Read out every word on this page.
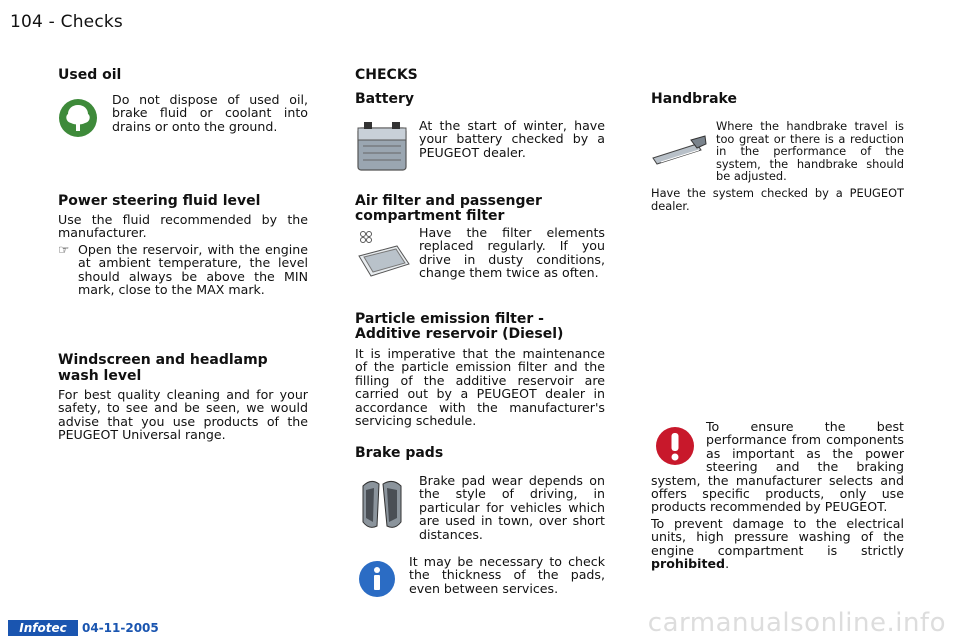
104 - Checks
Used oil
Do not dispose of used oil, brake fluid or coolant into drains or onto the ground.
Power steering fluid level
Use the fluid recommended by the manufacturer.
☞ Open the reservoir, with the engine at ambient temperature, the level should always be above the MIN mark, close to the MAX mark.
Windscreen and headlamp
wash level
For best quality cleaning and for your safety, to see and be seen, we would advise that you use products of the PEUGEOT Universal range.
CHECKS
Battery
At the start of winter, have your battery checked by a PEUGEOT dealer.
Air filter and passenger
compartment filter
Have the filter elements replaced regularly. If you drive in dusty conditions, change them twice as often.
Particle emission filter -
Additive reservoir (Diesel)
It is imperative that the maintenance of the particle emission filter and the filling of the additive reservoir are carried out by a PEUGEOT dealer in accordance with the manufacturer's servicing schedule.
Brake pads
Brake pad wear depends on the style of driving, in particular for vehicles which are used in town, over short distances.
It may be necessary to check the thickness of the pads, even between services.
Handbrake
Where the handbrake travel is too great or there is a reduction in the performance of the system, the handbrake should be adjusted.
Have the system checked by a PEUGEOT dealer.
To ensure the best performance from components as important as the power steering and the braking system, the manufacturer selects and offers specific products, only use products recommended by PEUGEOT.
To prevent damage to the electrical units, high pressure washing of the engine compartment is strictly prohibited.
Infotec	04-11-2005	carmanualsonline.info
